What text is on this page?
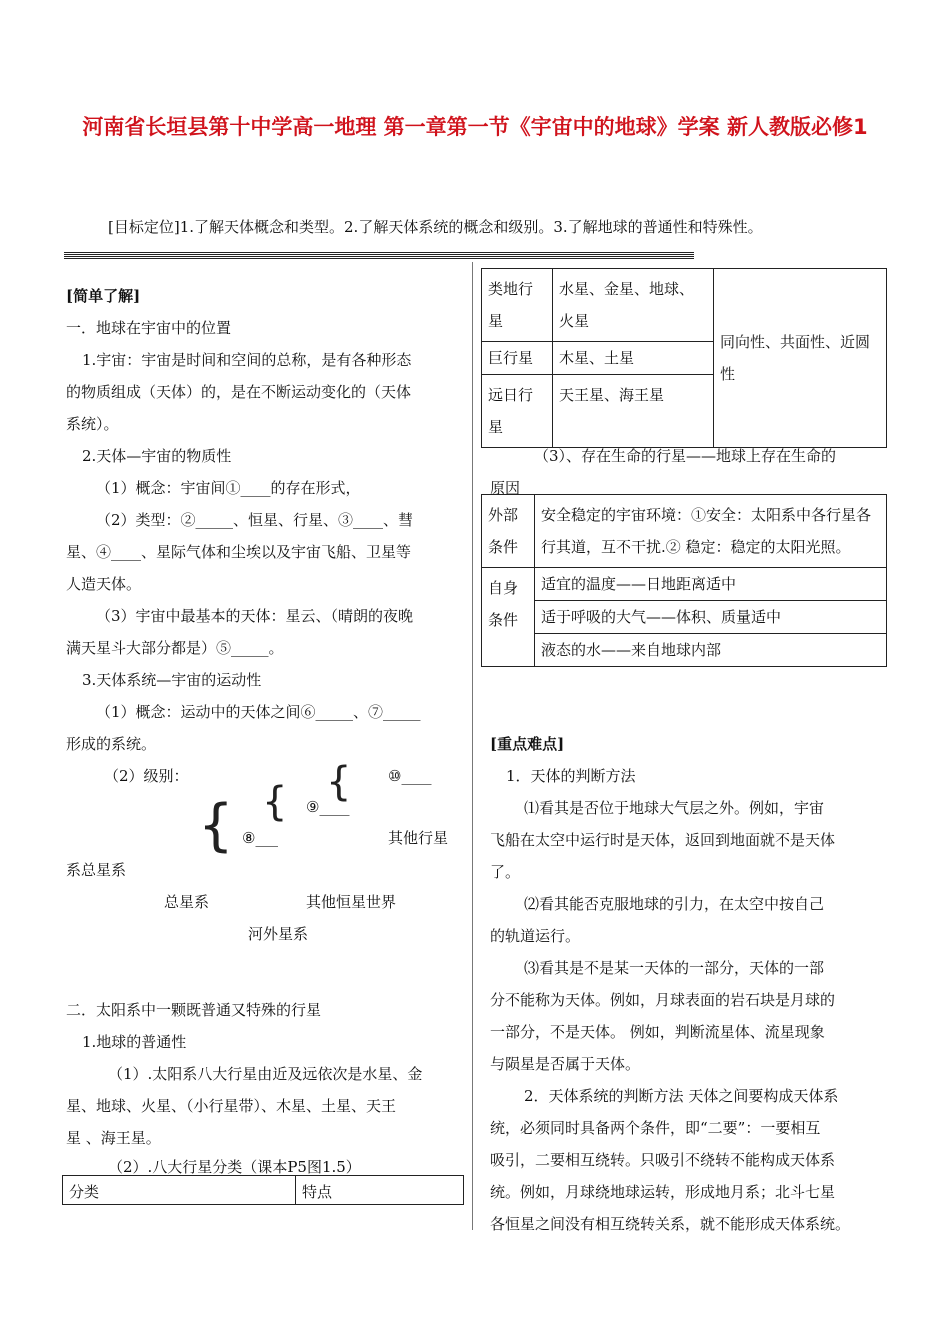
河南省长垣县第十中学高一地理 第一章第一节《宇宙中的地球》学案 新人教版必修1
[目标定位]1.了解天体概念和类型。2.了解天体系统的概念和级别。3.了解地球的普通性和特殊性。
[简单了解]
一．地球在宇宙中的位置
1.宇宙：宇宙是时间和空间的总称，是有各种形态
的物质组成（天体）的，是在不断运动变化的（天体
系统）。
2.天体—宇宙的物质性
（1）概念：宇宙间①____的存在形式，
（2）类型：②_____、恒星、行星、③____、彗
星、④____、星际气体和尘埃以及宇宙飞船、卫星等
人造天体。
（3）宇宙中最基本的天体：星云、（晴朗的夜晚
满天星斗大部分都是）⑤_____。
3.天体系统—宇宙的运动性
（1）概念：运动中的天体之间⑥_____、⑦_____
形成的系统。
（2）级别：	{
{
{
⑩____
⑨____
⑧___	其他行星
系总星系
总星系	其他恒星世界
河外星系
二．太阳系中一颗既普通又特殊的行星
1.地球的普通性
（1）.太阳系八大行星由近及远依次是水星、金
星、地球、火星、（小行星带）、木星、土星、天王
星 、海王星。
（2）.八大行星分类（课本P5图1.5）
分类	特点
类地行星	水星、金星、地球、火星	同向性、共面性、近圆性
巨行星	木星、土星	
远日行星	天王星、海王星	
（3）、存在生命的行星——地球上存在生命的
原因
外部条件	安全稳定的宇宙环境：①安全：太阳系中各行星各行其道，互不干扰.② 稳定：稳定的太阳光照。
自身条件	适宜的温度——日地距离适中
	适于呼吸的大气——体积、质量适中
	液态的水——来自地球内部
[重点难点]
1．天体的判断方法
⑴看其是否位于地球大气层之外。例如，宇宙
飞船在太空中运行时是天体，返回到地面就不是天体
了。
⑵看其能否克服地球的引力，在太空中按自己
的轨道运行。
⑶看其是不是某一天体的一部分，天体的一部
分不能称为天体。例如，月球表面的岩石块是月球的
一部分，不是天体。 例如，判断流星体、流星现象
与陨星是否属于天体。
2．天体系统的判断方法 天体之间要构成天体系
统，必须同时具备两个条件，即“二要”：一要相互
吸引，二要相互绕转。只吸引不绕转不能构成天体系
统。例如，月球绕地球运转，形成地月系；北斗七星
各恒星之间没有相互绕转关系，就不能形成天体系统。
